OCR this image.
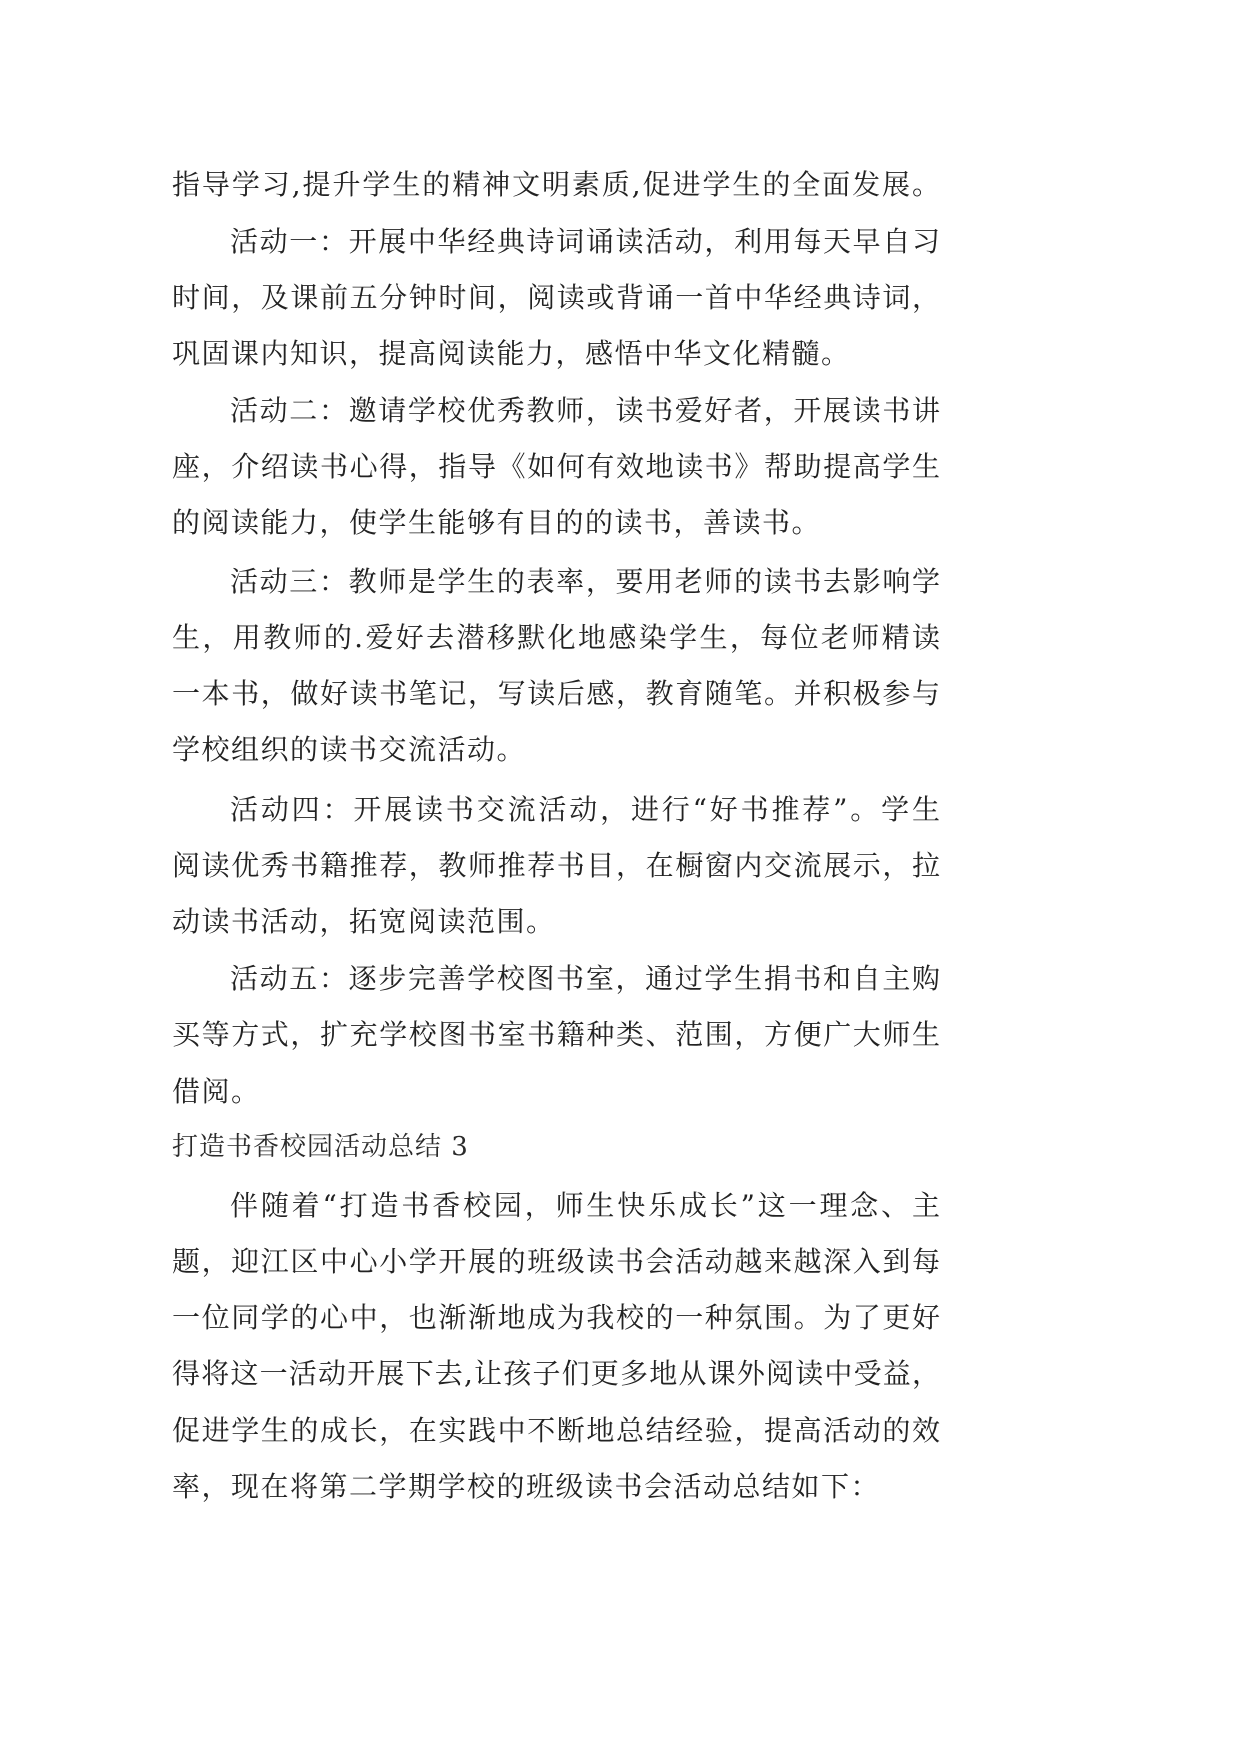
指导学习,提升学生的精神文明素质,促进学生的全面发展。
活动一：开展中华经典诗词诵读活动，利用每天早自习
时间，及课前五分钟时间，阅读或背诵一首中华经典诗词，
巩固课内知识，提高阅读能力，感悟中华文化精髓。
活动二：邀请学校优秀教师，读书爱好者，开展读书讲
座，介绍读书心得，指导《如何有效地读书》帮助提高学生
的阅读能力，使学生能够有目的的读书，善读书。
活动三：教师是学生的表率，要用老师的读书去影响学
生，用教师的.爱好去潜移默化地感染学生，每位老师精读
一本书，做好读书笔记，写读后感，教育随笔。并积极参与
学校组织的读书交流活动。
活动四：开展读书交流活动，进行“好书推荐”。学生
阅读优秀书籍推荐，教师推荐书目，在橱窗内交流展示，拉
动读书活动，拓宽阅读范围。
活动五：逐步完善学校图书室，通过学生捐书和自主购
买等方式，扩充学校图书室书籍种类、范围，方便广大师生
借阅。
打造书香校园活动总结 3
伴随着“打造书香校园，师生快乐成长”这一理念、主
题，迎江区中心小学开展的班级读书会活动越来越深入到每
一位同学的心中，也渐渐地成为我校的一种氛围。为了更好
得将这一活动开展下去,让孩子们更多地从课外阅读中受益，
促进学生的成长，在实践中不断地总结经验，提高活动的效
率，现在将第二学期学校的班级读书会活动总结如下：
